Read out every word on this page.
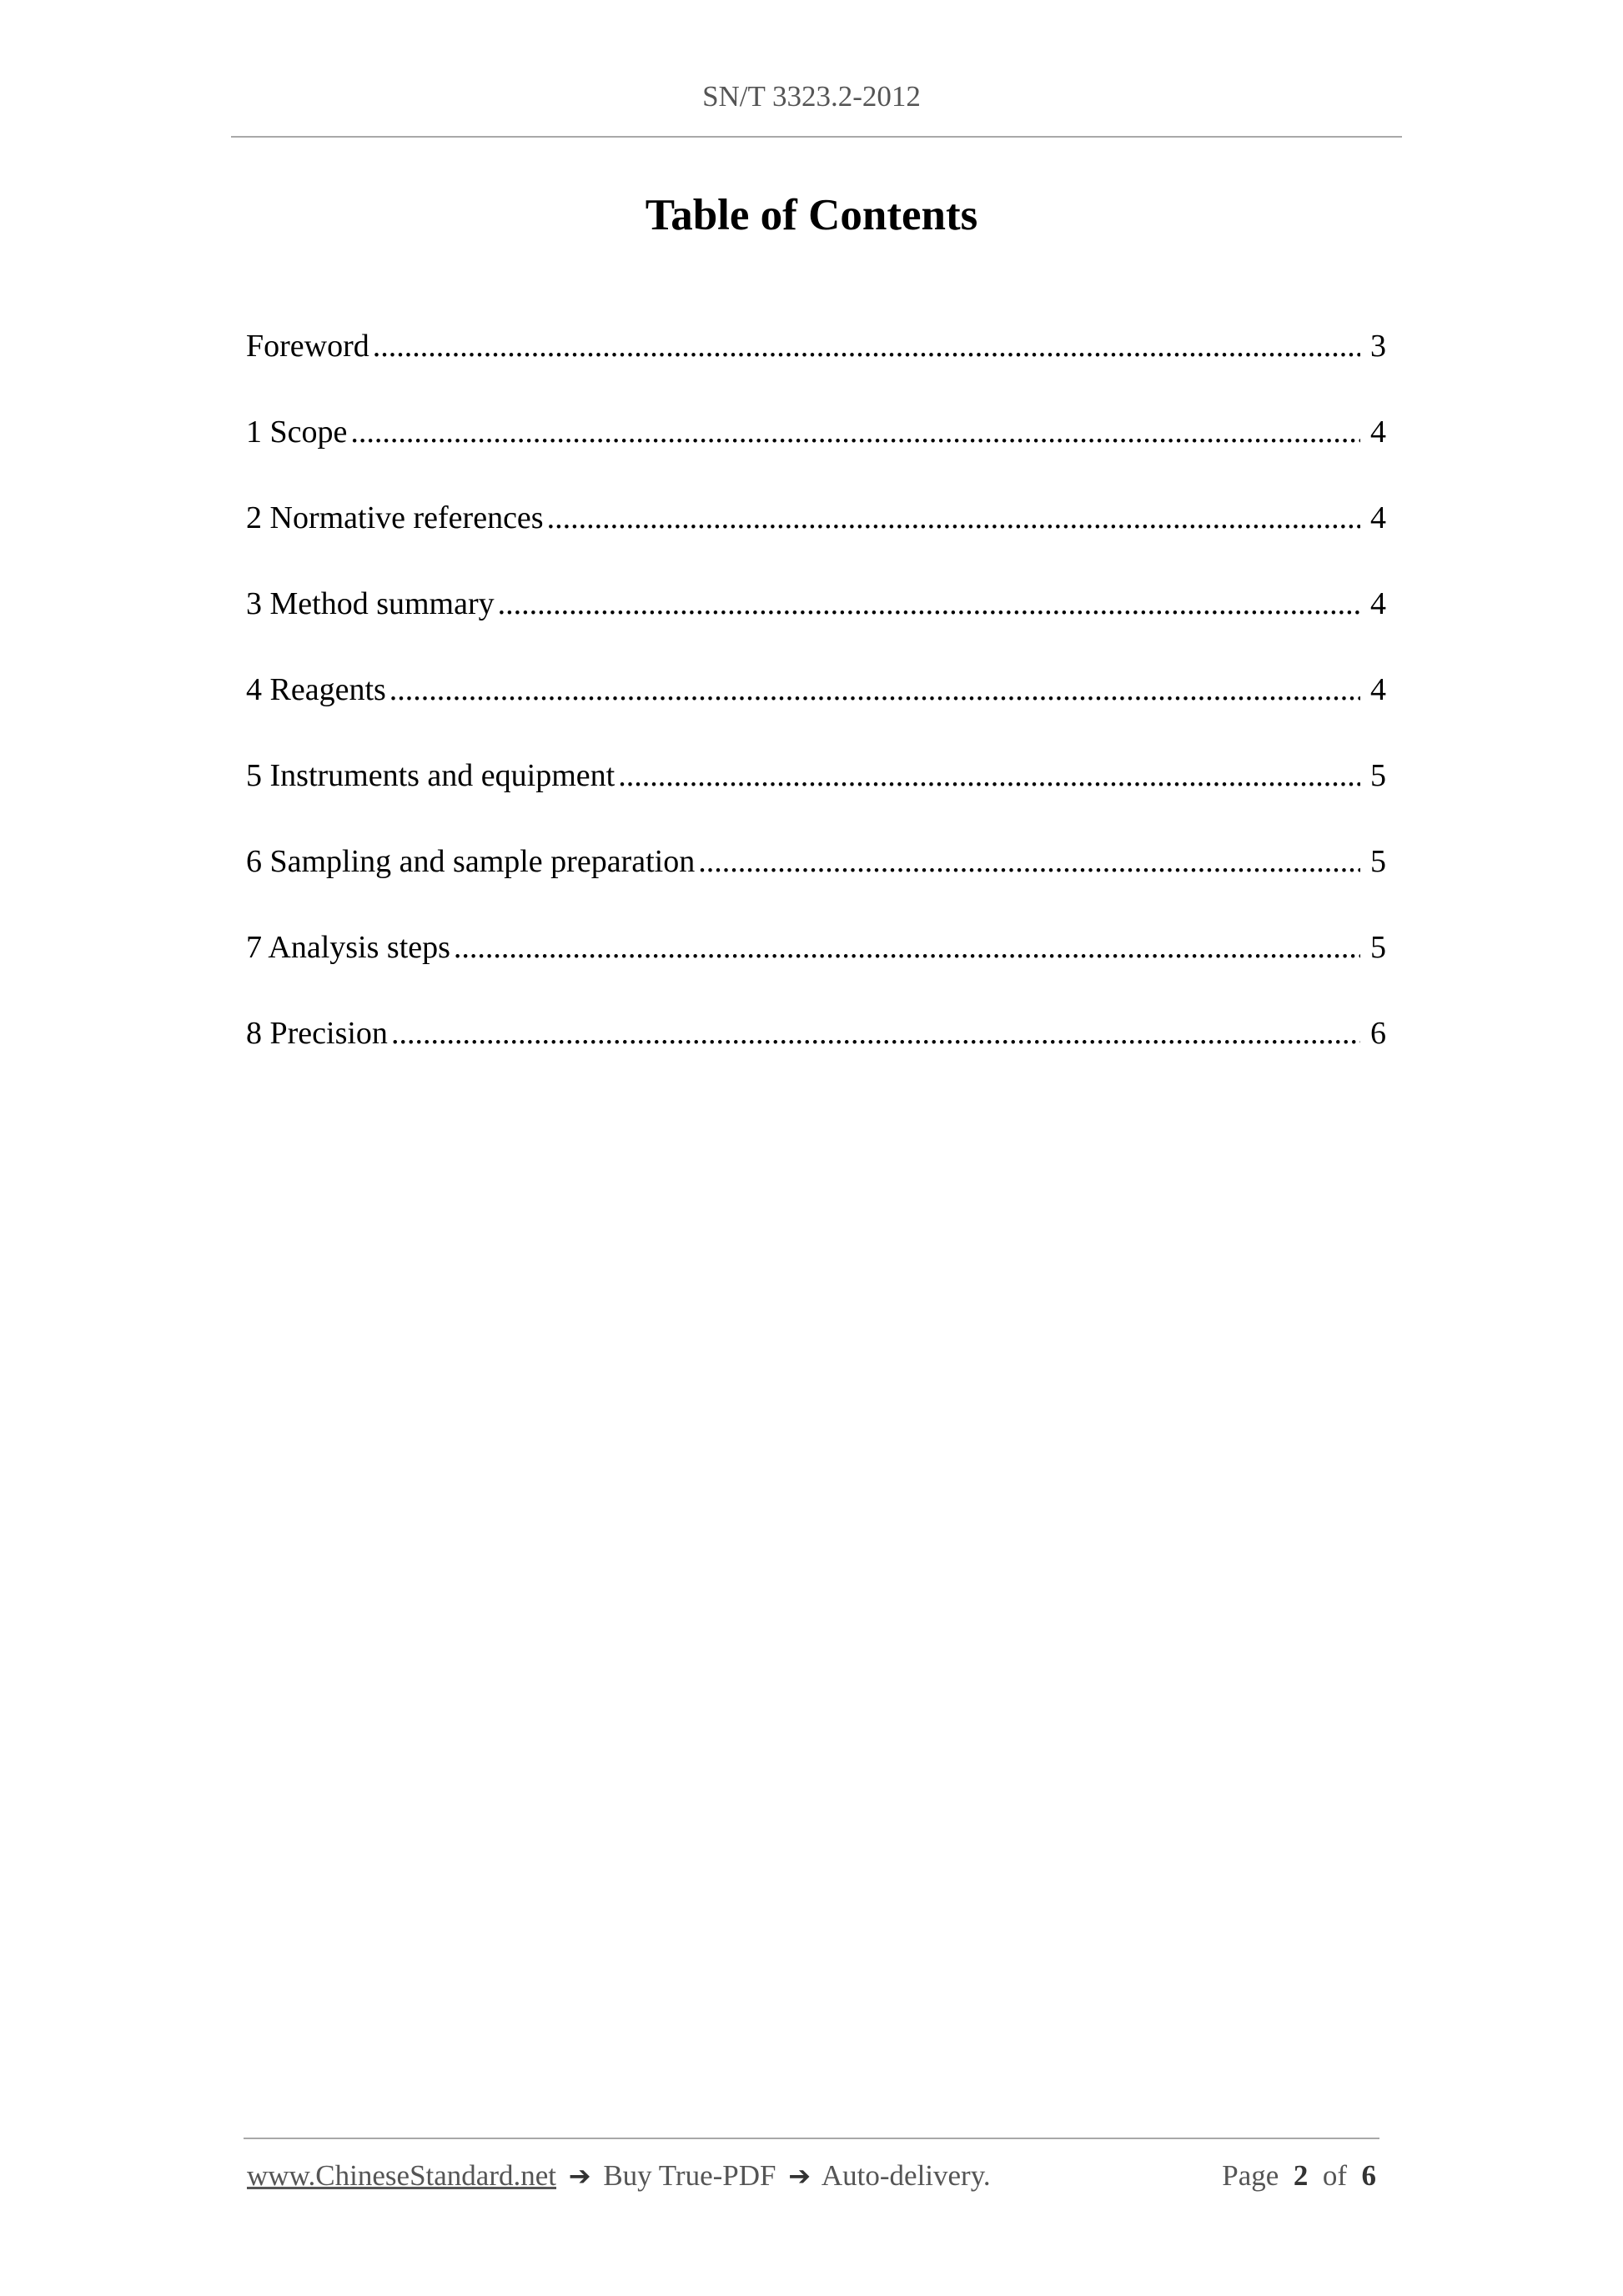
SN/T 3323.2-2012
Table of Contents
Foreword .....	3
1 Scope .....	4
2 Normative references .....	4
3 Method summary .....	4
4 Reagents .....	4
5 Instruments and equipment .....	5
6 Sampling and sample preparation .....	5
7 Analysis steps .....	5
8 Precision .....	6
www.ChineseStandard.net ➔ Buy True-PDF ➔ Auto-delivery.	Page 2 of 6
